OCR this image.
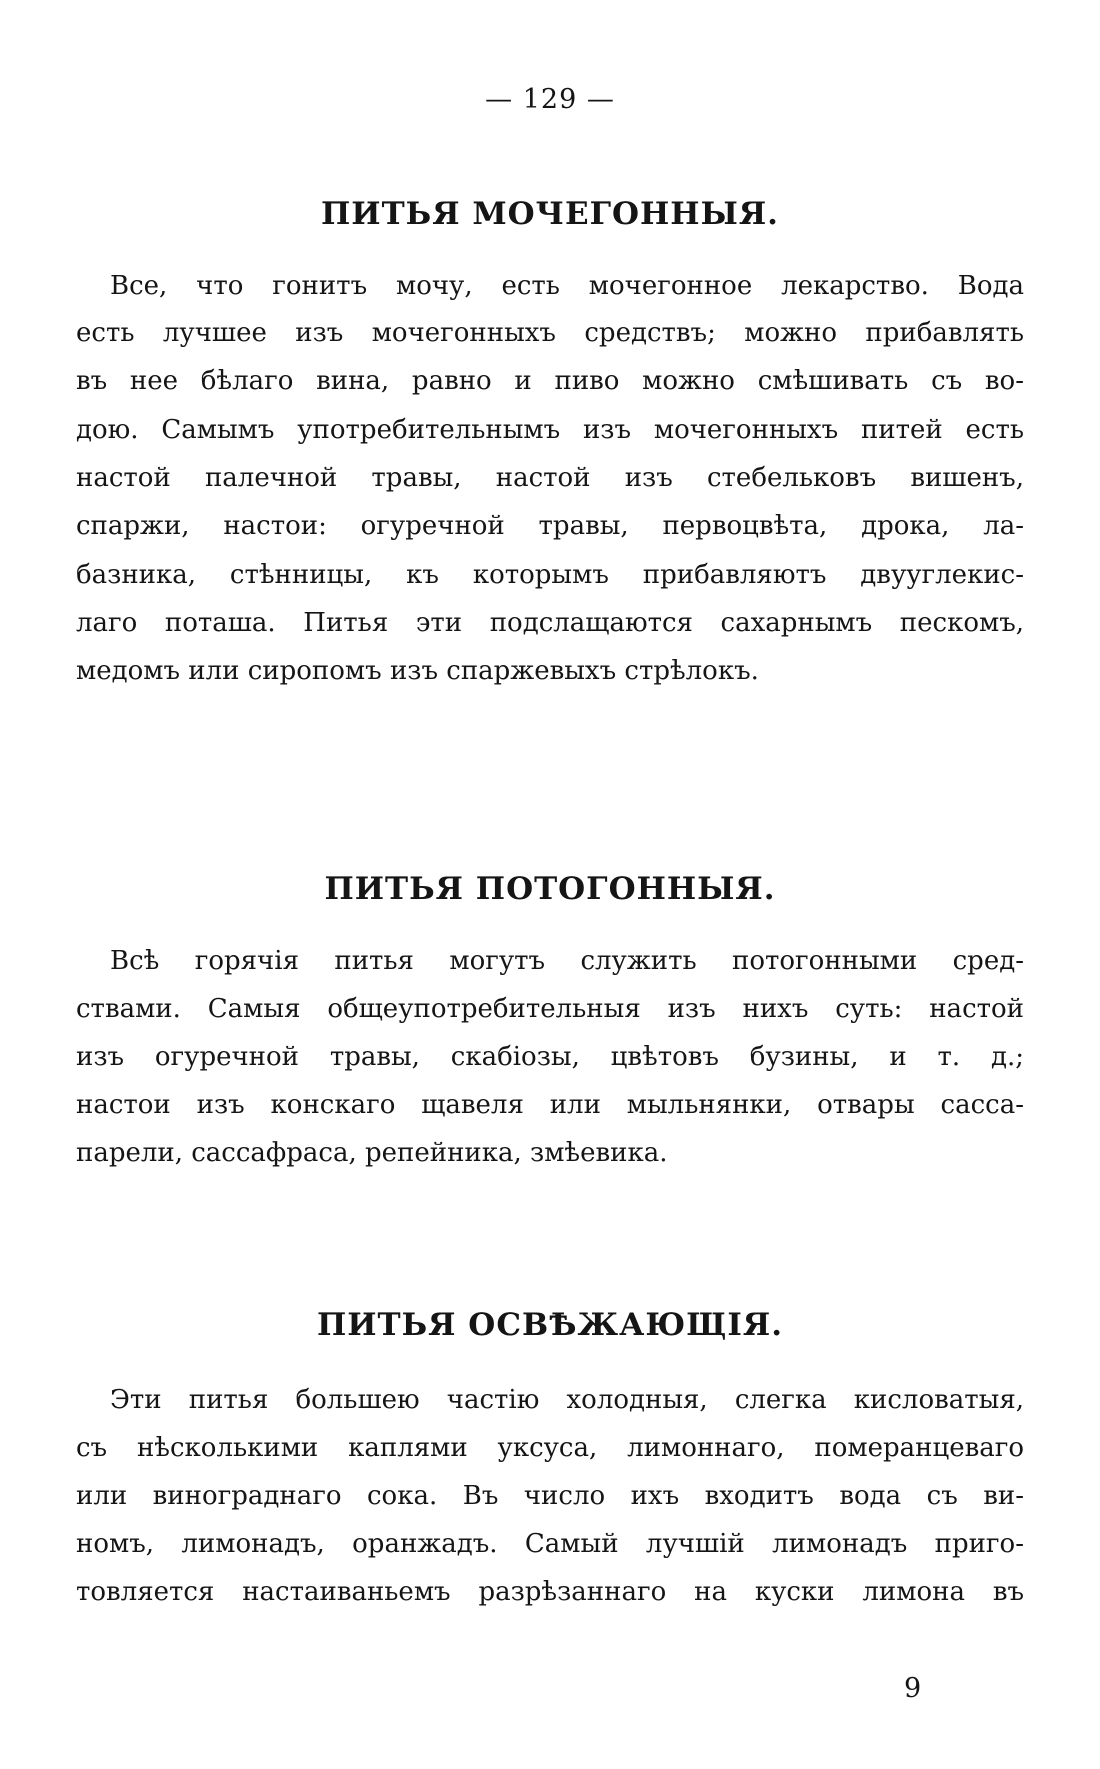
— 129 —
ПИТЬЯ МОЧЕГОННЫЯ.
Все, что гонитъ мочу, есть мочегонное лекарство. Вода
есть лучшее изъ мочегонныхъ средствъ; можно прибавлять
въ нее бѣлаго вина, равно и пиво можно смѣшивать съ во-
дою. Самымъ употребительнымъ изъ мочегонныхъ питей есть
настой палечной травы, настой изъ стебельковъ вишенъ,
спаржи, настои: огуречной травы, первоцвѣта, дрока, ла-
базника, стѣнницы, къ которымъ прибавляютъ двууглекис-
лаго поташа. Питья эти подслащаются сахарнымъ пескомъ,
медомъ или сиропомъ изъ спаржевыхъ стрѣлокъ.
ПИТЬЯ ПОТОГОННЫЯ.
Всѣ горячія питья могутъ служить потогонными сред-
ствами. Самыя общеупотребительныя изъ нихъ суть: настой
изъ огуречной травы, скабіозы, цвѣтовъ бузины, и т. д.;
настои изъ конскаго щавеля или мыльнянки, отвары сасса-
парели, сассафраса, репейника, змѣевика.
ПИТЬЯ ОСВѢЖАЮЩІЯ.
Эти питья большею частію холодныя, слегка кисловатыя,
съ нѣсколькими каплями уксуса, лимоннаго, померанцеваго
или винограднаго сока. Въ число ихъ входитъ вода съ ви-
номъ, лимонадъ, оранжадъ. Самый лучшій лимонадъ приго-
товляется настаиваньемъ разрѣзаннаго на куски лимона въ
9
